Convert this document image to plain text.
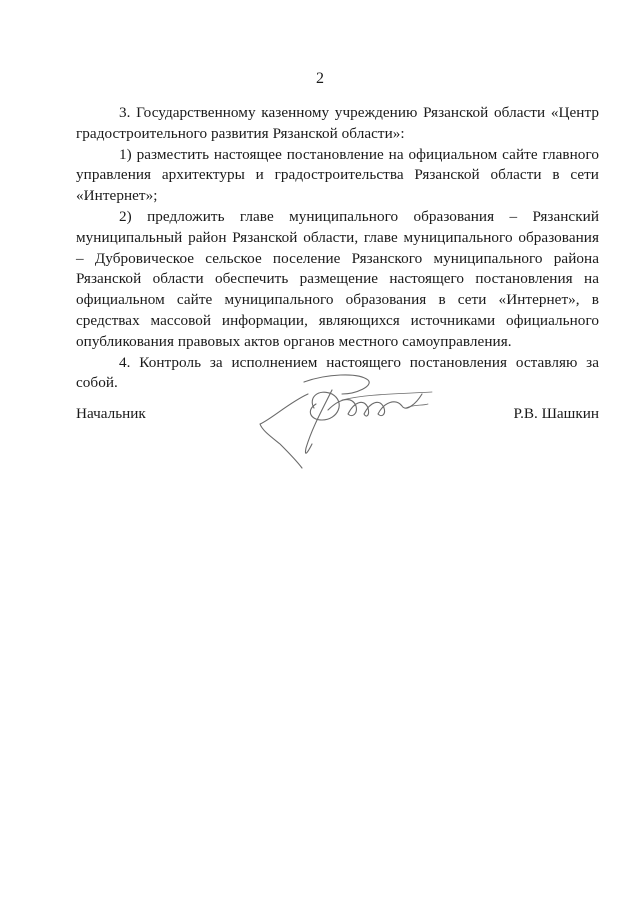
2

3. Государственному казенному учреждению Рязанской области «Центр градостроительного развития Рязанской области»:

1) разместить настоящее постановление на официальном сайте главного управления архитектуры и градостроительства Рязанской области в сети «Интернет»;

2) предложить главе муниципального образования – Рязанский муниципальный район Рязанской области, главе муниципального образования – Дубровическое сельское поселение Рязанского муниципального района Рязанской области обеспечить размещение настоящего постановления на официальном сайте муниципального образования в сети «Интернет», в средствах массовой информации, являющихся источниками официального опубликования правовых актов органов местного самоуправления.

4. Контроль за исполнением настоящего постановления оставляю за собой.

Начальник	Р.В. Шашкин
